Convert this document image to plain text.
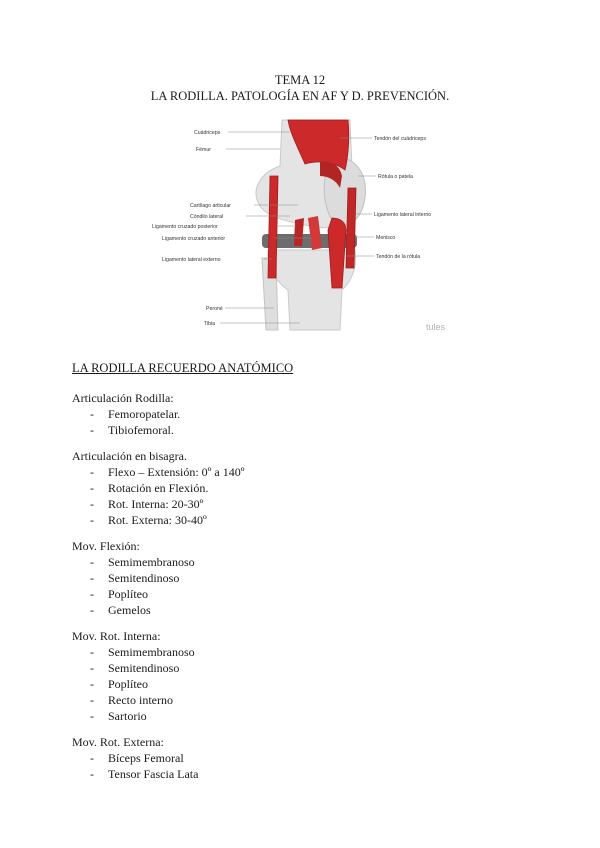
TEMA 12
LA RODILLA. PATOLOGÍA EN AF Y D. PREVENCIÓN.
Cuádriceps
Fémur
Cartílago articular
Cóndilo lateral
Ligamento cruzado posterior
Ligamento cruzado anterior
Ligamento lateral externo
Peroné
Tibia
Tendón del cuádriceps
Rótula o patela
Ligamento lateral interno
Menisco
Tendón de la rótula
tules
LA RODILLA RECUERDO ANATÓMICO
Articulación Rodilla:
- Femoropatelar.
- Tibiofemoral.
Articulación en bisagra.
- Flexo – Extensión: 0º a 140º
- Rotación en Flexión.
- Rot. Interna: 20-30º
- Rot. Externa: 30-40º
Mov. Flexión:
- Semimembranoso
- Semitendinoso
- Poplíteo
- Gemelos
Mov. Rot. Interna:
- Semimembranoso
- Semitendinoso
- Poplíteo
- Recto interno
- Sartorio
Mov. Rot. Externa:
- Bíceps Femoral
- Tensor Fascia Lata
